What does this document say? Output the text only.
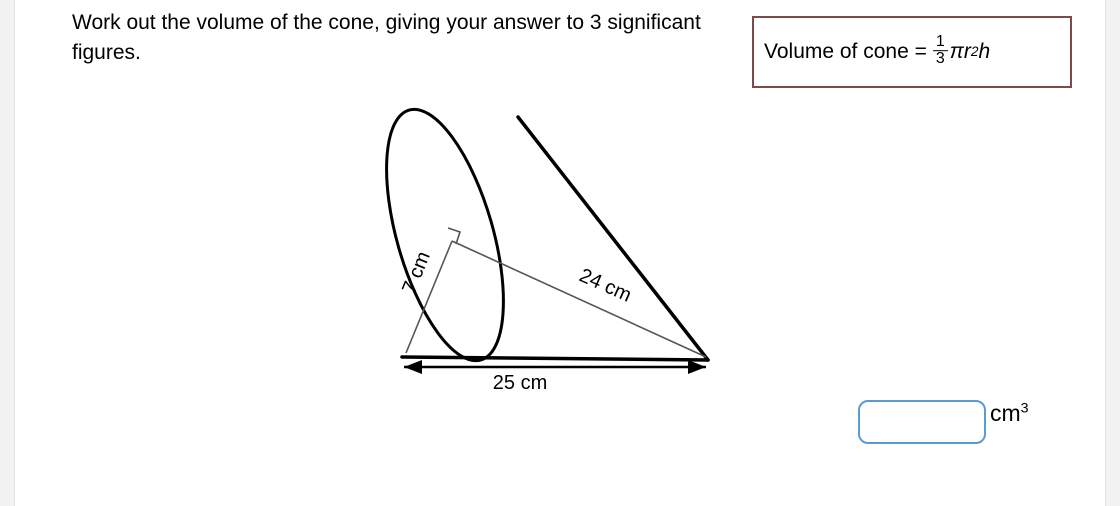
Work out the volume of the cone, giving your answer to 3 significant figures.	Volume of cone = $\frac{1}{3}$ π r 2 h
24 cm
7 cm
25 cm
$cm^3$
